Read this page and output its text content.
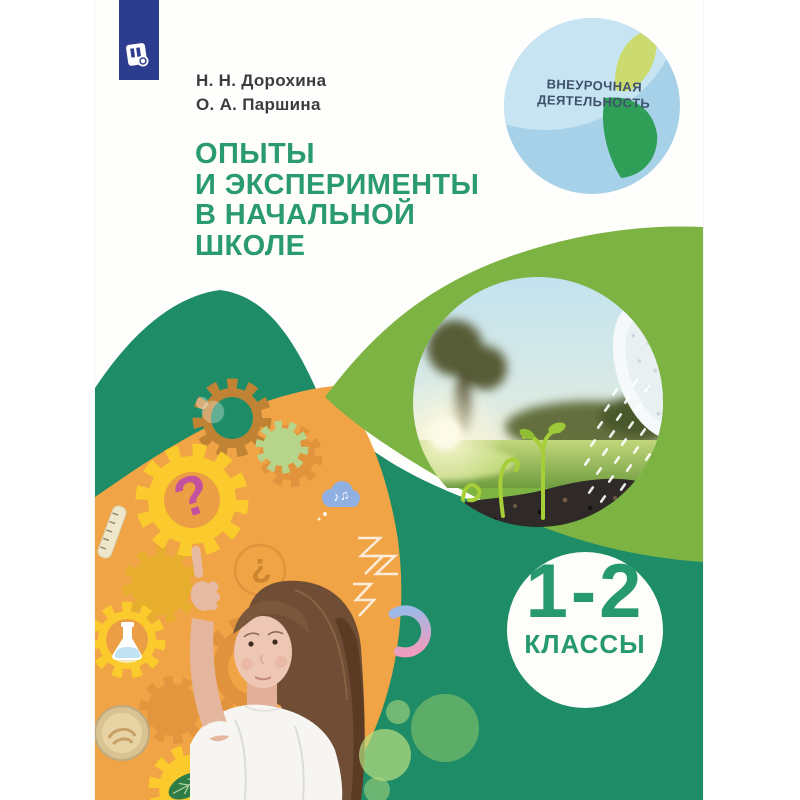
Н. Н. Дорохина
О. А. Паршина
ОПЫТЫ
И ЭКСПЕРИМЕНТЫ
В НАЧАЛЬНОЙ
ШКОЛЕ
ВНЕУРОЧНАЯ
ДЕЯТЕЛЬНОСТЬ
1-2
КЛАССЫ
?
¿
♪♫
